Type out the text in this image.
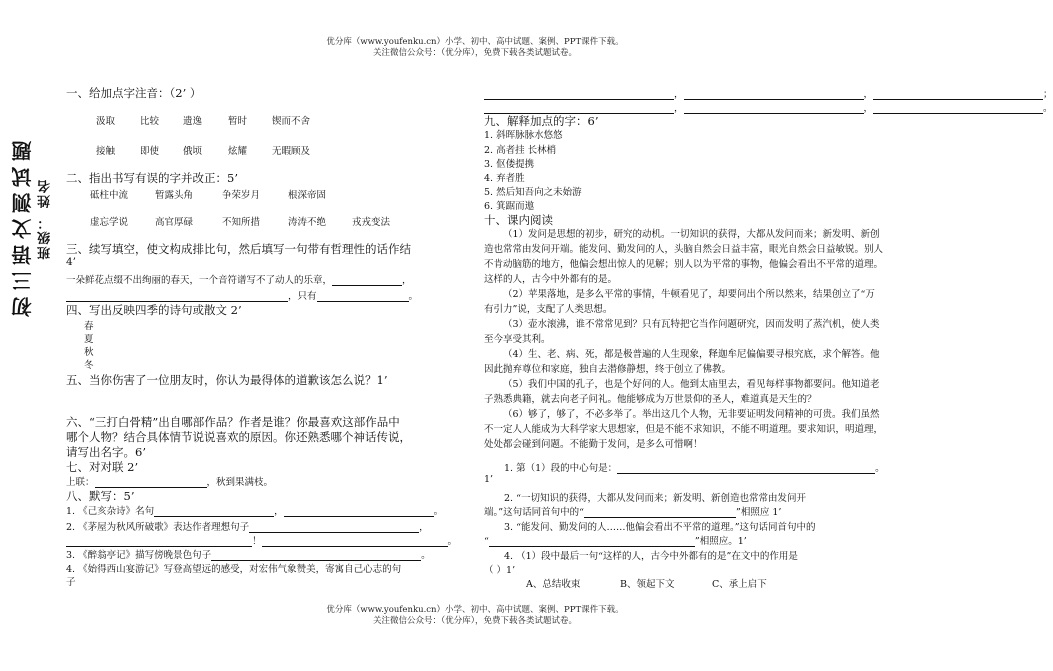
优分库（www.youfenku.cn）小学、初中、高中试题、案例、PPT课件下载。
关注微信公众号：（优分库），免费下载各类试题试卷。
初三语文测试题 班级： 姓名
一、给加点字注音：（2’ ）
汲取	比较	遗逸	暂时	锲而不舍
接触	即使	俄顷	炫耀	无暇顾及
二、指出书写有误的字并改正：5’
砥柱中流	暂露头角	争荣岁月	根深帝固
虚忘学说	高官厚碌	不知所措	涛涛不绝	戎戎变法
三、续写填空，使文构成排比句，然后填写一句带有哲理性的话作结
4’
一朵鲜花点缀不出绚丽的春天，一个音符谱写不了动人的乐章，	，
，只有	。
四、写出反映四季的诗句或散文 2’
春
夏
秋
冬
五、当你伤害了一位朋友时，你认为最得体的道歉该怎么说？1’
六、“三打白骨精”出自哪部作品？作者是谁？你最喜欢这部作品中
哪个人物？结合具体情节说说喜欢的原因。你还熟悉哪个神话传说，
请写出名字。6’
七、对对联 2’
上联：	，秋到果满枝。
八、默写：5’
1. 《己亥杂诗》名句	，	。
2. 《茅屋为秋风所破歌》表达作者理想句子	，
！	。
3. 《醉翁亭记》描写傍晚景色句子	。
4. 《始得西山宴游记》写登高望远的感受，对宏伟气象赞美，寄寓自己心志的句
子
，	，	；
，	，	。
九、解释加点的字：6’
1. 斜晖脉脉水悠悠
2. 高者挂 长林梢
3. 伛偻提携
4. 弃者胜
5. 然后知吾向之未始游
6. 箕踞而遨
十、课内阅读

（1）发问是思想的初步，研究的动机。一切知识的获得，大都从发问而来；新发明、新创造也常常由发问开端。能发问、勤发问的人，头脑自然会日益丰富，眼光自然会日益敏锐。别人不肯动脑筋的地方，他偏会想出惊人的见解；别人以为平常的事物，他偏会看出不平常的道理。这样的人，古今中外都有的是。

（2）苹果落地，是多么平常的事情，牛顿看见了，却要问出个所以然来，结果创立了“万有引力”说，支配了人类思想。

（3）壶水滚沸，谁不常常见到？只有瓦特把它当作问题研究，因而发明了蒸汽机，使人类至今享受其利。

（4）生、老、病、死，都是极普遍的人生现象，释迦牟尼偏偏要寻根究底，求个解答。他因此抛弃尊位和家庭，独自去潜修静想，终于创立了佛教。

（5）我们中国的孔子，也是个好问的人。他到太庙里去，看见每样事物都要问。他知道老子熟悉典籍，就去向老子问礼。他能够成为万世景仰的圣人，难道真是天生的？

（6）够了，够了，不必多举了。举出这几个人物，无非要证明发问精神的可贵。我们虽然不一定人人能成为大科学家大思想家，但是不能不求知识，不能不明道理。要求知识，明道理，处处都会碰到问题。不能勤于发问，是多么可惜啊！

1. 第（1）段的中心句是：	。
1’
2. “一切知识的获得，大都从发问而来；新发明、新创造也常常由发问开
端。”这句话同首句中的“	”相照应 1’
3. “能发问、勤发问的人……他偏会看出不平常的道理。”这句话同首句中的
“	”相照应。1’
4. （1）段中最后一句“这样的人，古今中外都有的是”在文中的作用是
（ ）1’
A、总结收束	B、领起下文	C、承上启下
优分库（www.youfenku.cn）小学、初中、高中试题、案例、PPT课件下载。
关注微信公众号：（优分库），免费下载各类试题试卷。
